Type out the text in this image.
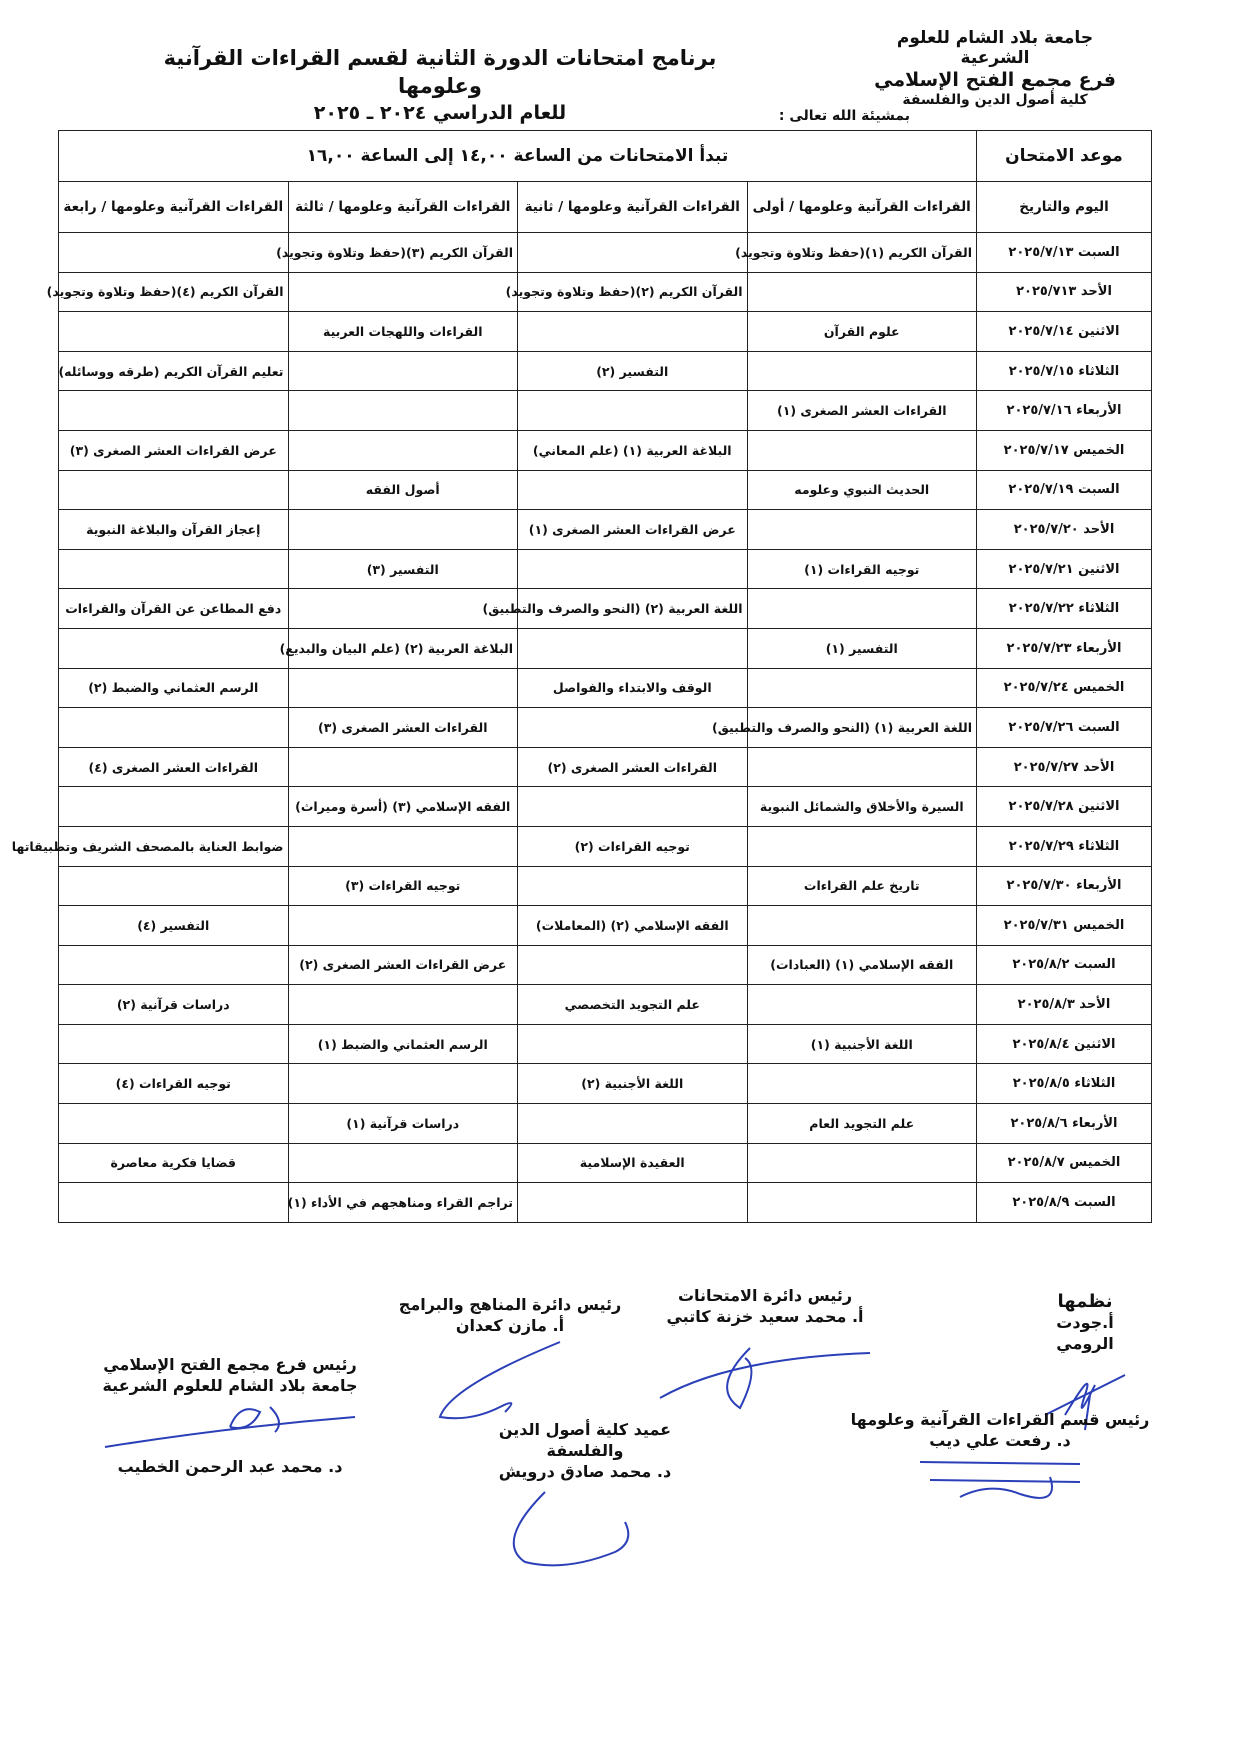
جامعة بلاد الشام للعلوم الشرعية
فرع مجمع الفتح الإسلامي
كلية أصول الدين والفلسفة
برنامج امتحانات الدورة الثانية لقسم القراءات القرآنية وعلومها
للعام الدراسي ٢٠٢٤ ـ ٢٠٢٥	بمشيئة الله تعالى :
موعد الامتحان	تبدأ الامتحانات من الساعة ١٤,٠٠ إلى الساعة ١٦,٠٠			
اليوم والتاريخ	القراءات القرآنية وعلومها / أولى	القراءات القرآنية وعلومها / ثانية	القراءات القرآنية وعلومها / ثالثة	القراءات القرآنية وعلومها / رابعة
السبت ٢٠٢٥/٧/١٣	القرآن الكريم (١)(حفظ وتلاوة وتجويد)		القرآن الكريم (٣)(حفظ وتلاوة وتجويد)	
الأحد ٢٠٢٥/٧١٣		القرآن الكريم (٢)(حفظ وتلاوة وتجويد)		القرآن الكريم (٤)(حفظ وتلاوة وتجويد)
الاثنين ٢٠٢٥/٧/١٤	علوم القرآن		القراءات واللهجات العربية	
الثلاثاء ٢٠٢٥/٧/١٥		التفسير (٢)		تعليم القرآن الكريم (طرقه ووسائله)
الأربعاء ٢٠٢٥/٧/١٦	القراءات العشر الصغرى (١)			
الخميس ٢٠٢٥/٧/١٧		البلاغة العربية (١) (علم المعاني)		عرض القراءات العشر الصغرى (٣)
السبت ٢٠٢٥/٧/١٩	الحديث النبوي وعلومه		أصول الفقه	
الأحد ٢٠٢٥/٧/٢٠		عرض القراءات العشر الصغرى (١)		إعجاز القرآن والبلاغة النبوية
الاثنين ٢٠٢٥/٧/٢١	توجيه القراءات (١)		التفسير (٣)	
الثلاثاء ٢٠٢٥/٧/٢٢		اللغة العربية (٢) (النحو والصرف والتطبيق)		دفع المطاعن عن القرآن والقراءات
الأربعاء ٢٠٢٥/٧/٢٣	التفسير (١)		البلاغة العربية (٢) (علم البيان والبديع)	
الخميس ٢٠٢٥/٧/٢٤		الوقف والابتداء والفواصل		الرسم العثماني والضبط (٢)
السبت ٢٠٢٥/٧/٢٦	اللغة العربية (١) (النحو والصرف والتطبيق)		القراءات العشر الصغرى (٣)	
الأحد ٢٠٢٥/٧/٢٧		القراءات العشر الصغرى (٢)		القراءات العشر الصغرى (٤)
الاثنين ٢٠٢٥/٧/٢٨	السيرة والأخلاق والشمائل النبوية		الفقه الإسلامي (٣) (أسرة وميراث)	
الثلاثاء ٢٠٢٥/٧/٢٩		توجيه القراءات (٢)		ضوابط العناية بالمصحف الشريف وتطبيقاتها
الأربعاء ٢٠٢٥/٧/٣٠	تاريخ علم القراءات		توجيه القراءات (٣)	
الخميس ٢٠٢٥/٧/٣١		الفقه الإسلامي (٢) (المعاملات)		التفسير (٤)
السبت ٢٠٢٥/٨/٢	الفقه الإسلامي (١) (العبادات)		عرض القراءات العشر الصغرى (٢)	
الأحد ٢٠٢٥/٨/٣		علم التجويد التخصصي		دراسات قرآنية (٢)
الاثنين ٢٠٢٥/٨/٤	اللغة الأجنبية (١)		الرسم العثماني والضبط (١)	
الثلاثاء ٢٠٢٥/٨/٥		اللغة الأجنبية (٢)		توجيه القراءات (٤)
الأربعاء ٢٠٢٥/٨/٦	علم التجويد العام		دراسات قرآنية (١)	
الخميس ٢٠٢٥/٨/٧		العقيدة الإسلامية		قضايا فكرية معاصرة
السبت ٢٠٢٥/٨/٩			تراجم القراء ومناهجهم في الأداء (١)	
نظمها
أ.جودت الرومي
رئيس دائرة الامتحانات
أ. محمد سعيد خزنة كاتبي
رئيس دائرة المناهج والبرامج
أ. مازن كعدان
رئيس فرع مجمع الفتح الإسلامي
جامعة بلاد الشام للعلوم الشرعية
د. محمد عبد الرحمن الخطيب
رئيس قسم القراءات القرآنية وعلومها
د. رفعت علي ديب
عميد كلية أصول الدين والفلسفة
د. محمد صادق درويش
